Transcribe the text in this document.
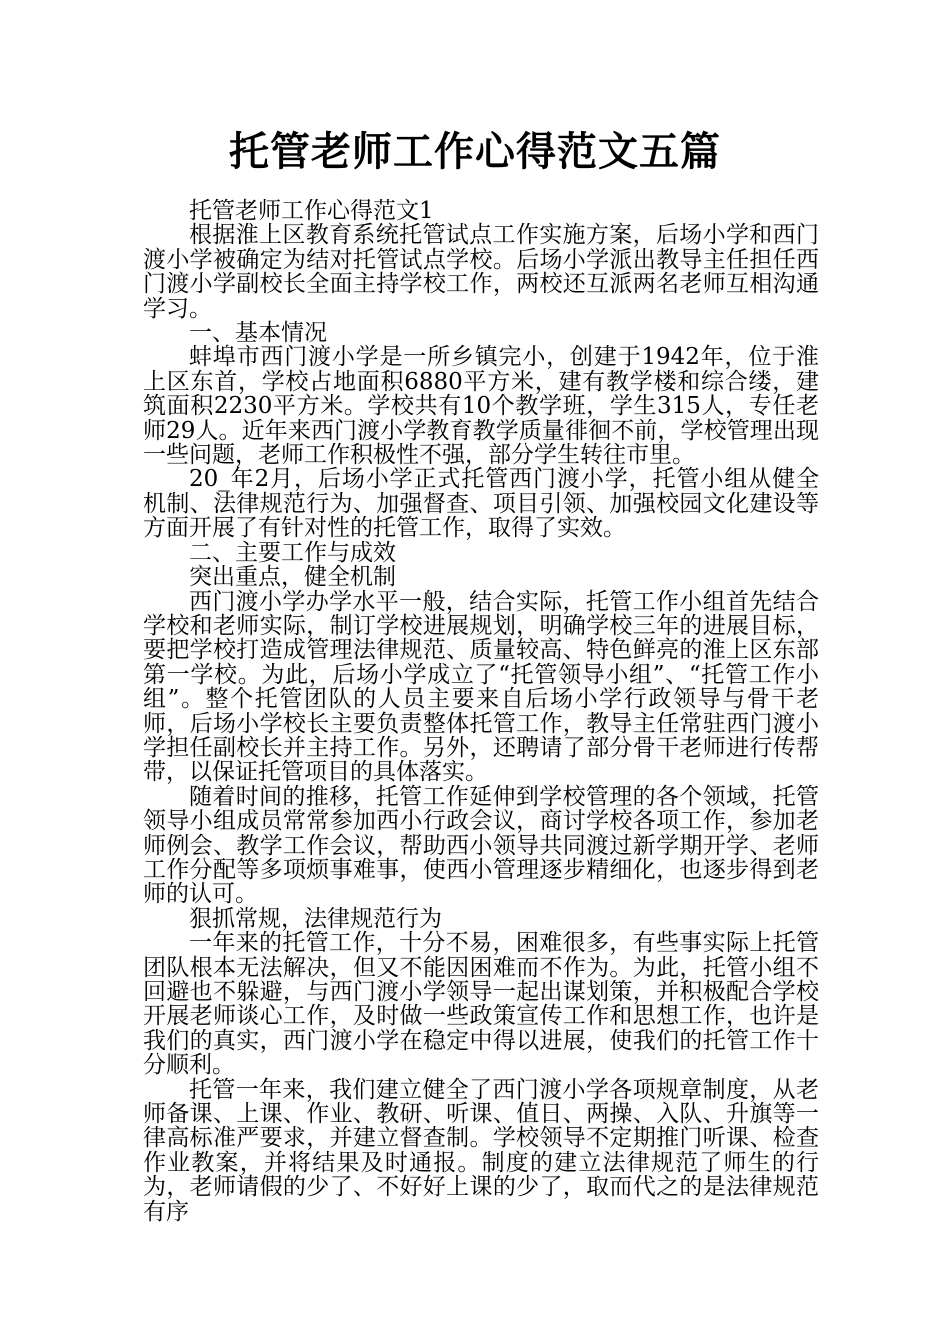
托管老师工作心得范文五篇

托管老师工作心得范文1

根据淮上区教育系统托管试点工作实施方案，后场小学和西门渡小学被确定为结对托管试点学校。后场小学派出教导主任担任西门渡小学副校长全面主持学校工作，两校还互派两名老师互相沟通学习。

一、基本情况

蚌埠市西门渡小学是一所乡镇完小，创建于1942年，位于淮上区东首，学校占地面积6880平方米，建有教学楼和综合缕，建筑面积2230平方米。学校共有10个教学班，学生315人，专任老师29人。近年来西门渡小学教育教学质量徘徊不前，学校管理出现一些问题，老师工作积极性不强，部分学生转往市里。

20_年2月，后场小学正式托管西门渡小学，托管小组从健全机制、法律规范行为、加强督查、项目引领、加强校园文化建设等方面开展了有针对性的托管工作，取得了实效。

二、主要工作与成效

突出重点，健全机制

西门渡小学办学水平一般，结合实际，托管工作小组首先结合学校和老师实际，制订学校进展规划，明确学校三年的进展目标，要把学校打造成管理法律规范、质量较高、特色鲜亮的淮上区东部第一学校。为此，后场小学成立了“托管领导小组”、“托管工作小组”。整个托管团队的人员主要来自后场小学行政领导与骨干老师，后场小学校长主要负责整体托管工作，教导主任常驻西门渡小学担任副校长并主持工作。另外，还聘请了部分骨干老师进行传帮带，以保证托管项目的具体落实。

随着时间的推移，托管工作延伸到学校管理的各个领域，托管领导小组成员常常参加西小行政会议，商讨学校各项工作，参加老师例会、教学工作会议，帮助西小领导共同渡过新学期开学、老师工作分配等多项烦事难事，使西小管理逐步精细化，也逐步得到老师的认可。

狠抓常规，法律规范行为

一年来的托管工作，十分不易，困难很多，有些事实际上托管团队根本无法解决，但又不能因困难而不作为。为此，托管小组不回避也不躲避，与西门渡小学领导一起出谋划策，并积极配合学校开展老师谈心工作，及时做一些政策宣传工作和思想工作，也许是我们的真实，西门渡小学在稳定中得以进展，使我们的托管工作十分顺利。

托管一年来，我们建立健全了西门渡小学各项规章制度，从老师备课、上课、作业、教研、听课、值日、两操、入队、升旗等一律高标准严要求，并建立督查制。学校领导不定期推门听课、检查作业教案，并将结果及时通报。制度的建立法律规范了师生的行为，老师请假的少了、不好好上课的少了，取而代之的是法律规范有序
